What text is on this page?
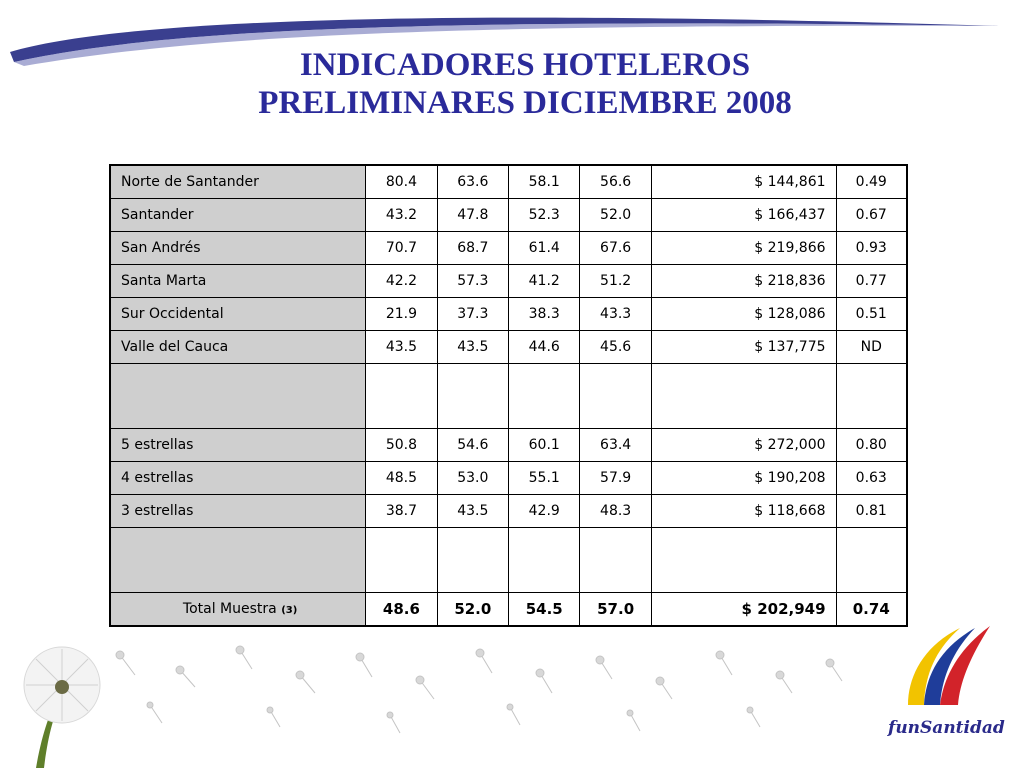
INDICADORES HOTELEROS
PRELIMINARES DICIEMBRE 2008
Norte de Santander	80.4	63.6	58.1	56.6	$ 144,861	0.49
Santander	43.2	47.8	52.3	52.0	$ 166,437	0.67
San Andrés	70.7	68.7	61.4	67.6	$ 219,866	0.93
Santa Marta	42.2	57.3	41.2	51.2	$ 218,836	0.77
Sur Occidental	21.9	37.3	38.3	43.3	$ 128,086	0.51
Valle del Cauca	43.5	43.5	44.6	45.6	$ 137,775	ND

5 estrellas	50.8	54.6	60.1	63.4	$ 272,000	0.80
4 estrellas	48.5	53.0	55.1	57.9	$ 190,208	0.63
3 estrellas	38.7	43.5	42.9	48.3	$ 118,668	0.81

Total Muestra (3)	48.6	52.0	54.5	57.0	$ 202,949	0.74
funSantidad
